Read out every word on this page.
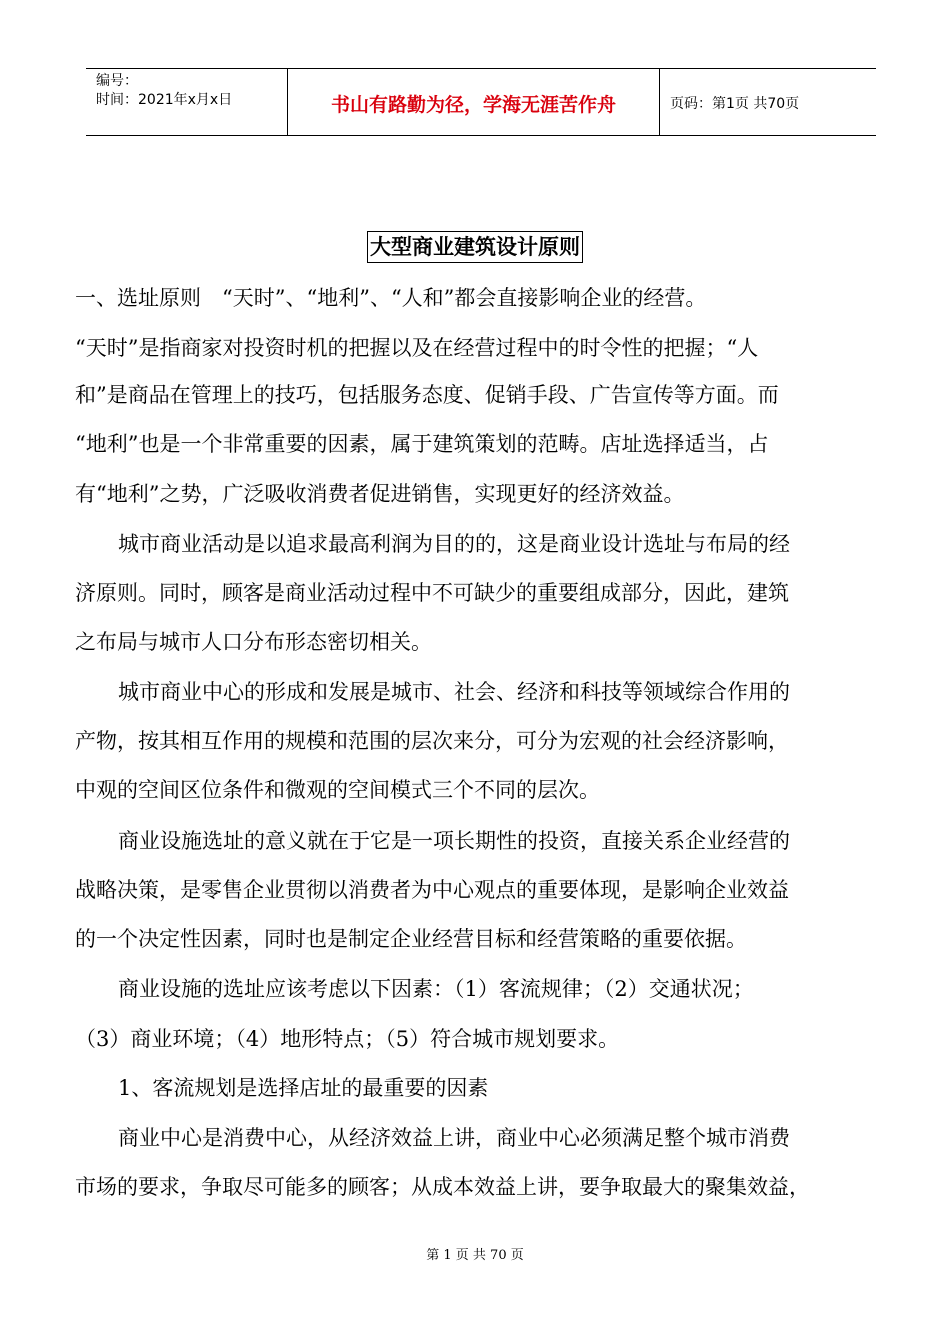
编号：
时间：2021年x月x日	书山有路勤为径，学海无涯苦作舟	页码：第1页 共70页
大型商业建筑设计原则
一、选址原则　“天时”、“地利”、“人和”都会直接影响企业的经营。
“天时”是指商家对投资时机的把握以及在经营过程中的时令性的把握；“人
和”是商品在管理上的技巧，包括服务态度、促销手段、广告宣传等方面。而
“地利”也是一个非常重要的因素，属于建筑策划的范畴。店址选择适当，占
有“地利”之势，广泛吸收消费者促进销售，实现更好的经济效益。
城市商业活动是以追求最高利润为目的的，这是商业设计选址与布局的经
济原则。同时，顾客是商业活动过程中不可缺少的重要组成部分，因此，建筑
之布局与城市人口分布形态密切相关。
城市商业中心的形成和发展是城市、社会、经济和科技等领域综合作用的
产物，按其相互作用的规模和范围的层次来分，可分为宏观的社会经济影响，
中观的空间区位条件和微观的空间模式三个不同的层次。
商业设施选址的意义就在于它是一项长期性的投资，直接关系企业经营的
战略决策，是零售企业贯彻以消费者为中心观点的重要体现，是影响企业效益
的一个决定性因素，同时也是制定企业经营目标和经营策略的重要依据。
商业设施的选址应该考虑以下因素：（1）客流规律；（2）交通状况；
（3）商业环境；（4）地形特点；（5）符合城市规划要求。
1、客流规划是选择店址的最重要的因素
商业中心是消费中心，从经济效益上讲，商业中心必须满足整个城市消费
市场的要求，争取尽可能多的顾客；从成本效益上讲，要争取最大的聚集效益，
第 1 页 共 70 页
